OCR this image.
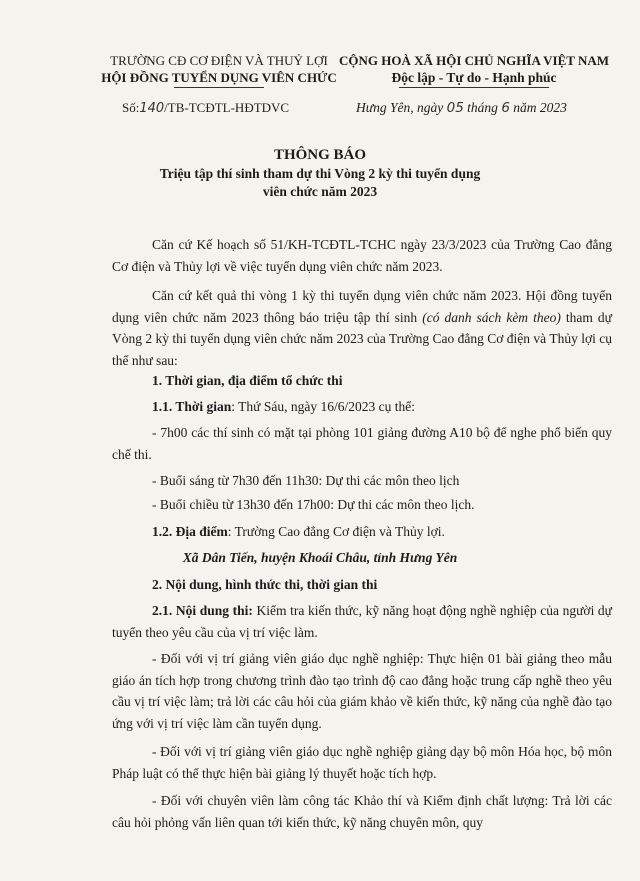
TRƯỜNG CĐ CƠ ĐIỆN VÀ THUỶ LỢI
HỘI ĐỒNG TUYỂN DỤNG VIÊN CHỨC
CỘNG HOÀ XÃ HỘI CHỦ NGHĨA VIỆT NAM
Độc lập - Tự do - Hạnh phúc
Số:140/TB-TCĐTL-HĐTDVC	Hưng Yên, ngày 05 tháng 6 năm 2023
THÔNG BÁO
Triệu tập thí sinh tham dự thi Vòng 2 kỳ thi tuyển dụng
viên chức năm 2023

Căn cứ Kế hoạch số 51/KH-TCĐTL-TCHC ngày 23/3/2023 của Trường Cao đẳng Cơ điện và Thủy lợi về việc tuyển dụng viên chức năm 2023.

Căn cứ kết quả thi vòng 1 kỳ thi tuyển dụng viên chức năm 2023. Hội đồng tuyển dụng viên chức năm 2023 thông báo triệu tập thí sinh (có danh sách kèm theo) tham dự Vòng 2 kỳ thi tuyển dụng viên chức năm 2023 của Trường Cao đẳng Cơ điện và Thủy lợi cụ thể như sau:

1. Thời gian, địa điểm tổ chức thi
1.1. Thời gian: Thứ Sáu, ngày 16/6/2023 cụ thể:

- 7h00 các thí sinh có mặt tại phòng 101 giảng đường A10 bộ để nghe phổ biến quy chế thi.

- Buổi sáng từ 7h30 đến 11h30: Dự thi các môn theo lịch
- Buổi chiều từ 13h30 đến 17h00: Dự thi các môn theo lịch.
1.2. Địa điểm: Trường Cao đẳng Cơ điện và Thủy lợi.
Xã Dân Tiến, huyện Khoái Châu, tỉnh Hưng Yên
2. Nội dung, hình thức thi, thời gian thi

2.1. Nội dung thi: Kiểm tra kiến thức, kỹ năng hoạt động nghề nghiệp của người dự tuyển theo yêu cầu của vị trí việc làm.

- Đối với vị trí giảng viên giáo dục nghề nghiệp: Thực hiện 01 bài giảng theo mẫu giáo án tích hợp trong chương trình đào tạo trình độ cao đẳng hoặc trung cấp nghề theo yêu cầu vị trí việc làm; trả lời các câu hỏi của giám khảo về kiến thức, kỹ năng của nghề đào tạo ứng với vị trí việc làm cần tuyển dụng.

- Đối với vị trí giảng viên giáo dục nghề nghiệp giảng dạy bộ môn Hóa học, bộ môn Pháp luật có thể thực hiện bài giảng lý thuyết hoặc tích hợp.

- Đối với chuyên viên làm công tác Khảo thí và Kiểm định chất lượng: Trả lời các câu hỏi phỏng vấn liên quan tới kiến thức, kỹ năng chuyên môn, quy
